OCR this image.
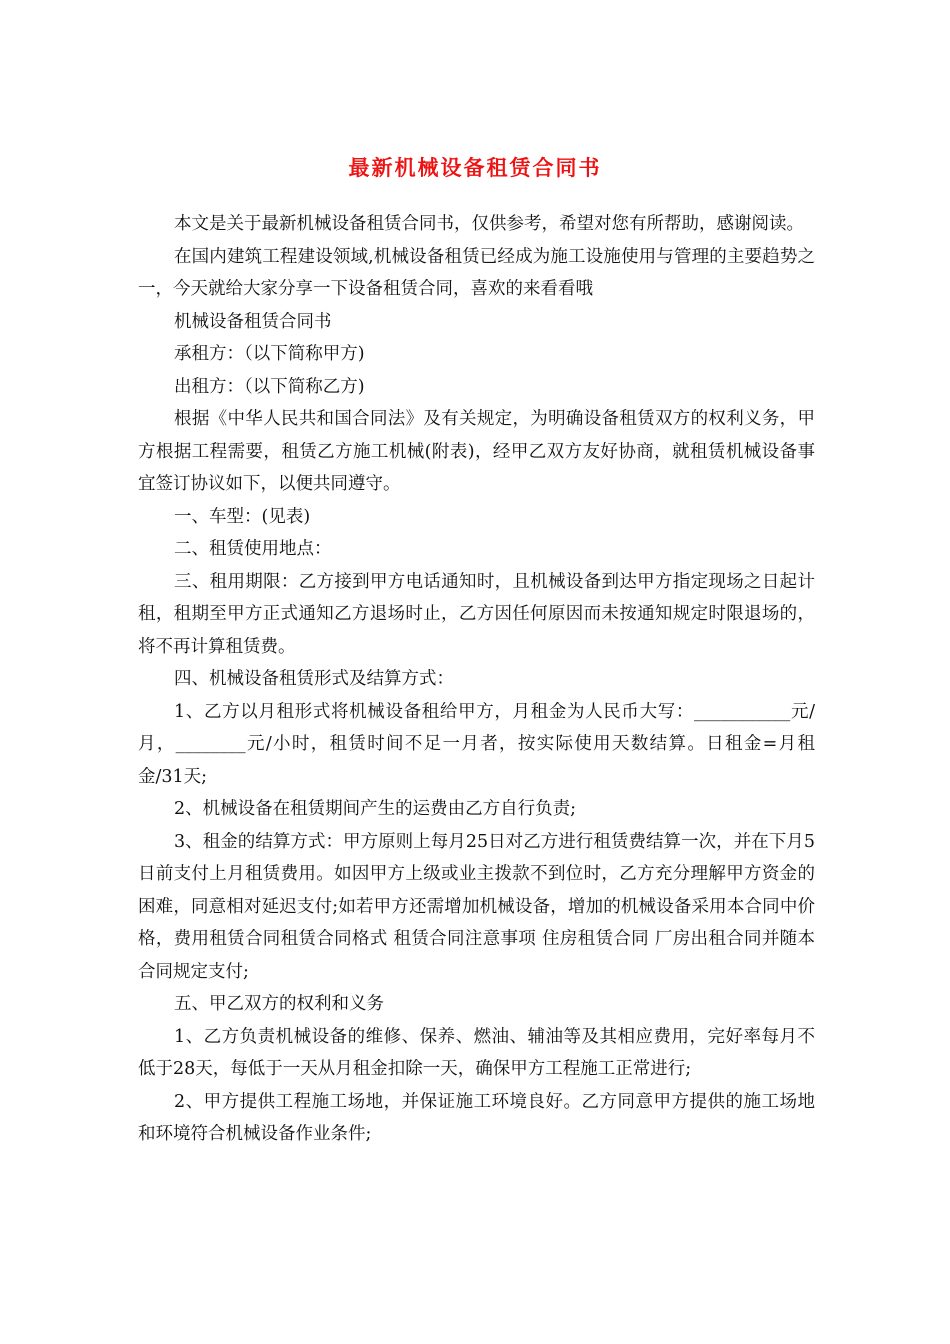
最新机械设备租赁合同书

本文是关于最新机械设备租赁合同书，仅供参考，希望对您有所帮助，感谢阅读。

在国内建筑工程建设领域,机械设备租赁已经成为施工设施使用与管理的主要趋势之一，今天就给大家分享一下设备租赁合同，喜欢的来看看哦

机械设备租赁合同书

承租方：（以下简称甲方)

出租方：（以下简称乙方)

根据《中华人民共和国合同法》及有关规定，为明确设备租赁双方的权利义务，甲方根据工程需要，租赁乙方施工机械(附表)，经甲乙双方友好协商，就租赁机械设备事宜签订协议如下，以便共同遵守。

一、车型：(见表)

二、租赁使用地点：

三、租用期限：乙方接到甲方电话通知时，且机械设备到达甲方指定现场之日起计租，租期至甲方正式通知乙方退场时止，乙方因任何原因而未按通知规定时限退场的，将不再计算租赁费。

四、机械设备租赁形式及结算方式：

1、乙方以月租形式将机械设备租给甲方，月租金为人民币大写：___________元/月，________元/小时，租赁时间不足一月者，按实际使用天数结算。日租金=月租金/31天;

2、机械设备在租赁期间产生的运费由乙方自行负责;

3、租金的结算方式：甲方原则上每月25日对乙方进行租赁费结算一次，并在下月5日前支付上月租赁费用。如因甲方上级或业主拨款不到位时，乙方充分理解甲方资金的困难，同意相对延迟支付;如若甲方还需增加机械设备，增加的机械设备采用本合同中价格，费用租赁合同租赁合同格式 租赁合同注意事项 住房租赁合同 厂房出租合同并随本合同规定支付;

五、甲乙双方的权利和义务

1、乙方负责机械设备的维修、保养、燃油、辅油等及其相应费用，完好率每月不低于28天，每低于一天从月租金扣除一天，确保甲方工程施工正常进行;

2、甲方提供工程施工场地，并保证施工环境良好。乙方同意甲方提供的施工场地和环境符合机械设备作业条件;
